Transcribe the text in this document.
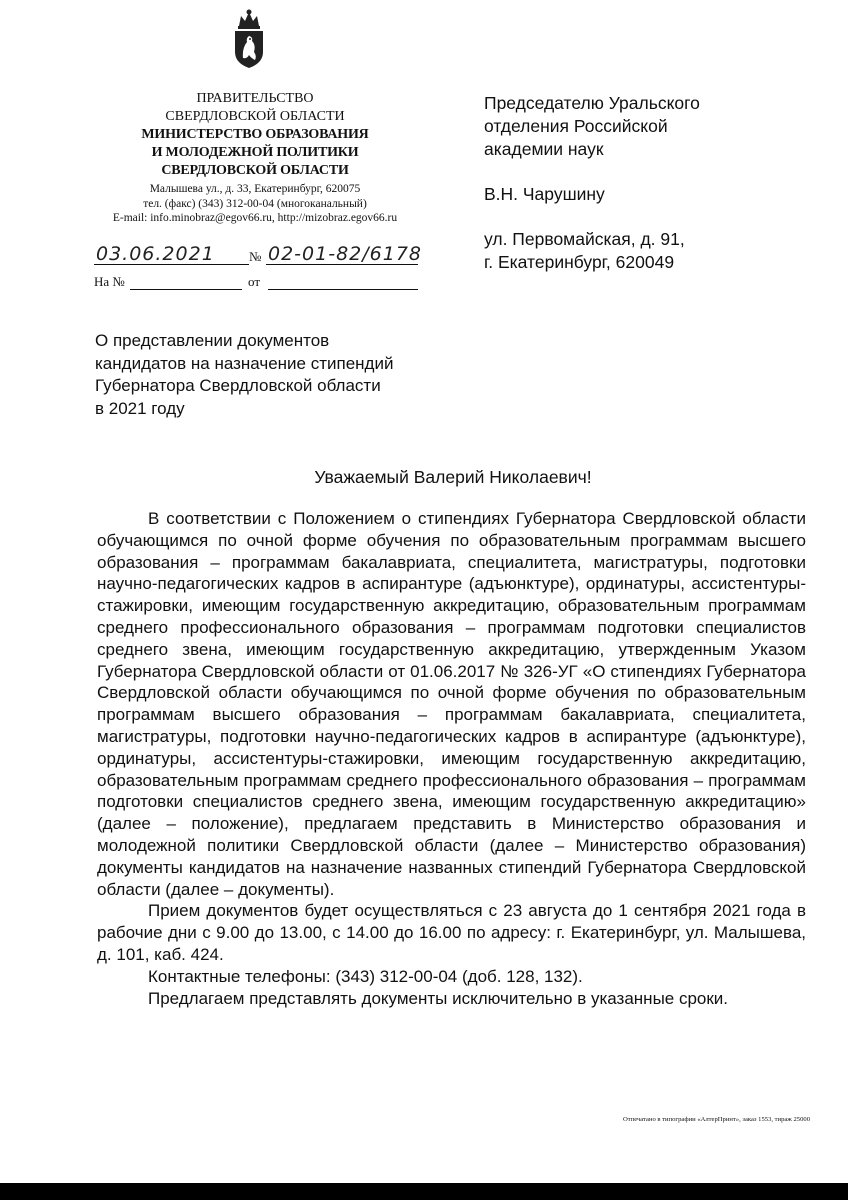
ПРАВИТЕЛЬСТВО
СВЕРДЛОВСКОЙ ОБЛАСТИ
МИНИСТЕРСТВО ОБРАЗОВАНИЯ
И МОЛОДЕЖНОЙ ПОЛИТИКИ
СВЕРДЛОВСКОЙ ОБЛАСТИ
Малышева ул., д. 33, Екатеринбург, 620075
тел. (факс) (343) 312-00-04 (многоканальный)
E-mail: info.minobraz@egov66.ru, http://mizobraz.egov66.ru
03.06.2021	№ 02-01-82/6178
На №	от

Председателю Уральского

отделения Российской

академии наук

В.Н. Чарушину

ул. Первомайская, д. 91,

г. Екатеринбург, 620049

О представлении документов
кандидатов на назначение стипендий
Губернатора Свердловской области
в 2021 году
Уважаемый Валерий Николаевич!

В соответствии с Положением о стипендиях Губернатора Свердловской области обучающимся по очной форме обучения по образовательным программам высшего образования – программам бакалавриата, специалитета, магистратуры, подготовки научно-педагогических кадров в аспирантуре (адъюнктуре), ординатуры, ассистентуры-стажировки, имеющим государственную аккредитацию, образовательным программам среднего профессионального образования – программам подготовки специалистов среднего звена, имеющим государственную аккредитацию, утвержденным Указом Губернатора Свердловской области от 01.06.2017 № 326-УГ «О стипендиях Губернатора Свердловской области обучающимся по очной форме обучения по образовательным программам высшего образования – программам бакалавриата, специалитета, магистратуры, подготовки научно-педагогических кадров в аспирантуре (адъюнктуре), ординатуры, ассистентуры-стажировки, имеющим государственную аккредитацию, образовательным программам среднего профессионального образования – программам подготовки специалистов среднего звена, имеющим государственную аккредитацию» (далее – положение), предлагаем представить в Министерство образования и молодежной политики Свердловской области (далее – Министерство образования) документы кандидатов на назначение названных стипендий Губернатора Свердловской области (далее – документы).

Прием документов будет осуществляться с 23 августа до 1 сентября 2021 года в рабочие дни с 9.00 до 13.00, с 14.00 до 16.00 по адресу: г. Екатеринбург, ул. Малышева, д. 101, каб. 424.

Контактные телефоны: (343) 312-00-04 (доб. 128, 132).

Предлагаем представлять документы исключительно в указанные сроки.

Отпечатано в типографии «АлтерПринт», заказ 1553, тираж 25000
